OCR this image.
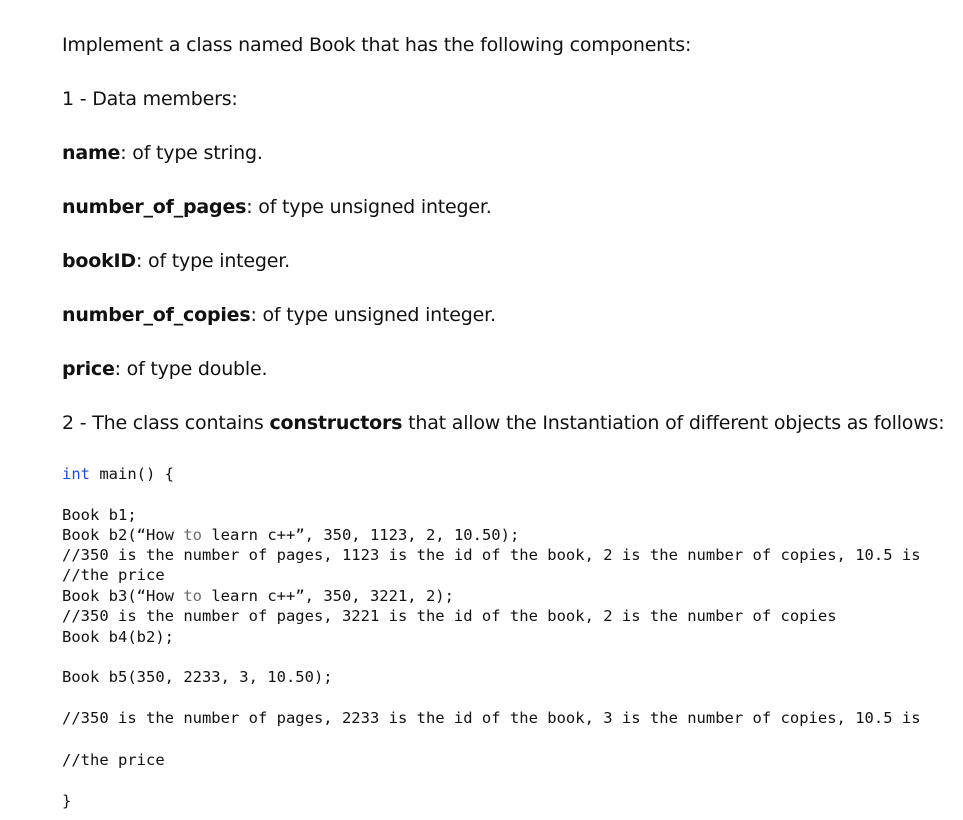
Implement a class named Book that has the following components:
1 - Data members:
name: of type string.
number_of_pages: of type unsigned integer.
bookID: of type integer.
number_of_copies: of type unsigned integer.
price: of type double.
2 - The class contains constructors that allow the Instantiation of different objects as follows:
int main() {
Book b1;
Book b2(“How to learn c++”, 350, 1123, 2, 10.50);
//350 is the number of pages, 1123 is the id of the book, 2 is the number of copies, 10.5 is
//the price
Book b3(“How to learn c++”, 350, 3221, 2);
//350 is the number of pages, 3221 is the id of the book, 2 is the number of copies
Book b4(b2);
Book b5(350, 2233, 3, 10.50);
//350 is the number of pages, 2233 is the id of the book, 3 is the number of copies, 10.5 is
//the price
}
